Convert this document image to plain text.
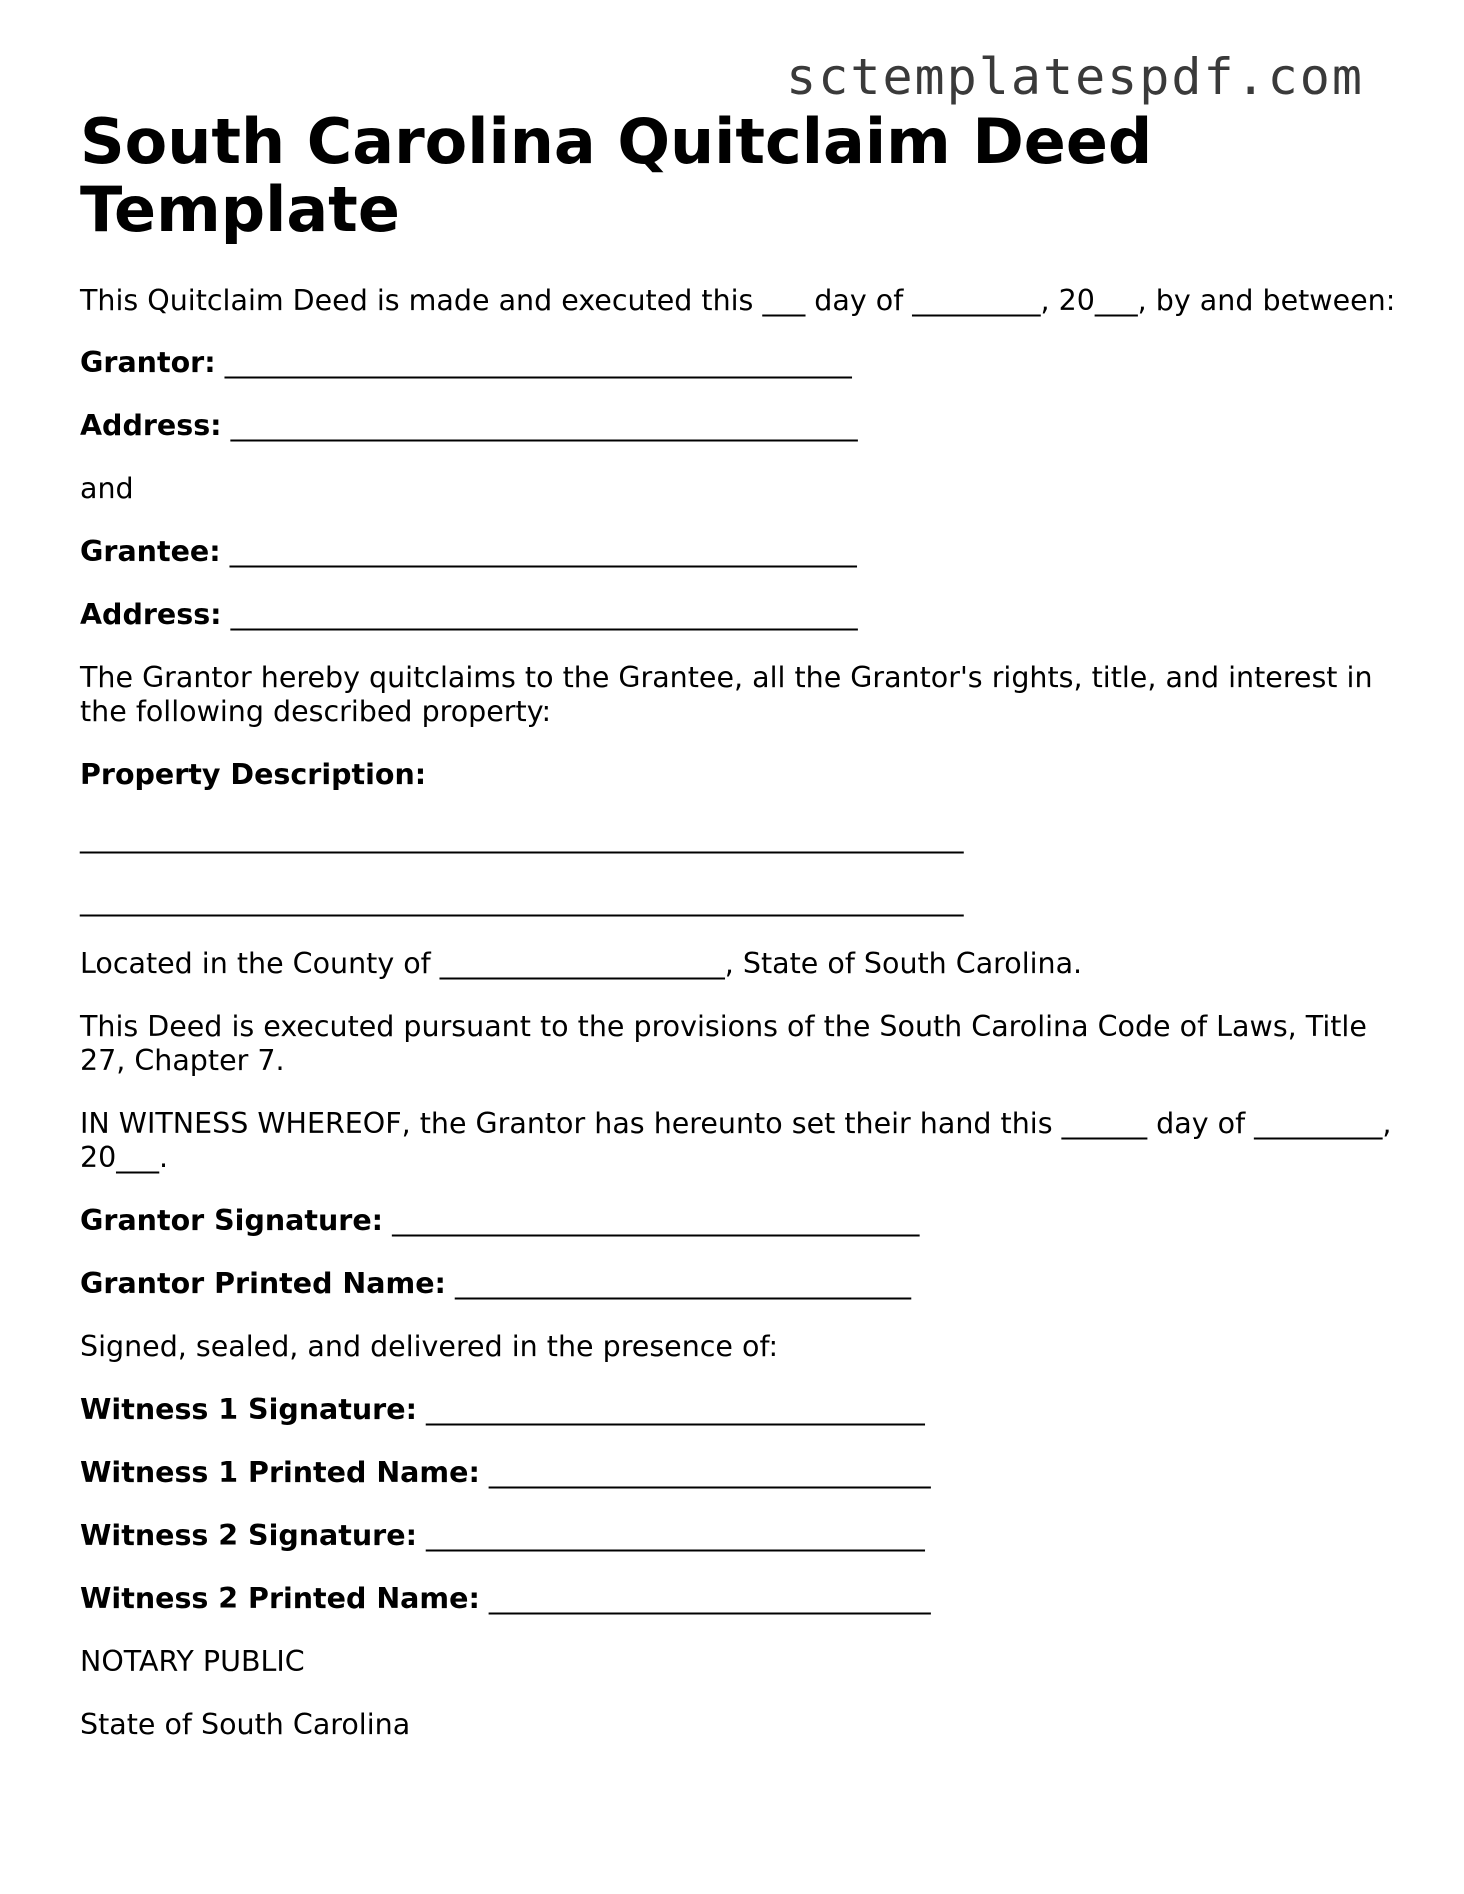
sctemplatespdf.com
South Carolina Quitclaim Deed Template

This Quitclaim Deed is made and executed this ___ day of _________, 20___, by and between:

Grantor: ____________________________________________

Address: ____________________________________________

and

Grantee: ____________________________________________

Address: ____________________________________________

The Grantor hereby quitclaims to the Grantee, all the Grantor's rights, title, and interest in the following described property:

Property Description:

______________________________________________________________

______________________________________________________________

Located in the County of ____________________, State of South Carolina.

This Deed is executed pursuant to the provisions of the South Carolina Code of Laws, Title 27, Chapter 7.

IN WITNESS WHEREOF, the Grantor has hereunto set their hand this ______ day of _________, 20___.

Grantor Signature: _____________________________________

Grantor Printed Name: ________________________________

Signed, sealed, and delivered in the presence of:

Witness 1 Signature: ___________________________________

Witness 1 Printed Name: _______________________________

Witness 2 Signature: ___________________________________

Witness 2 Printed Name: _______________________________

NOTARY PUBLIC

State of South Carolina
